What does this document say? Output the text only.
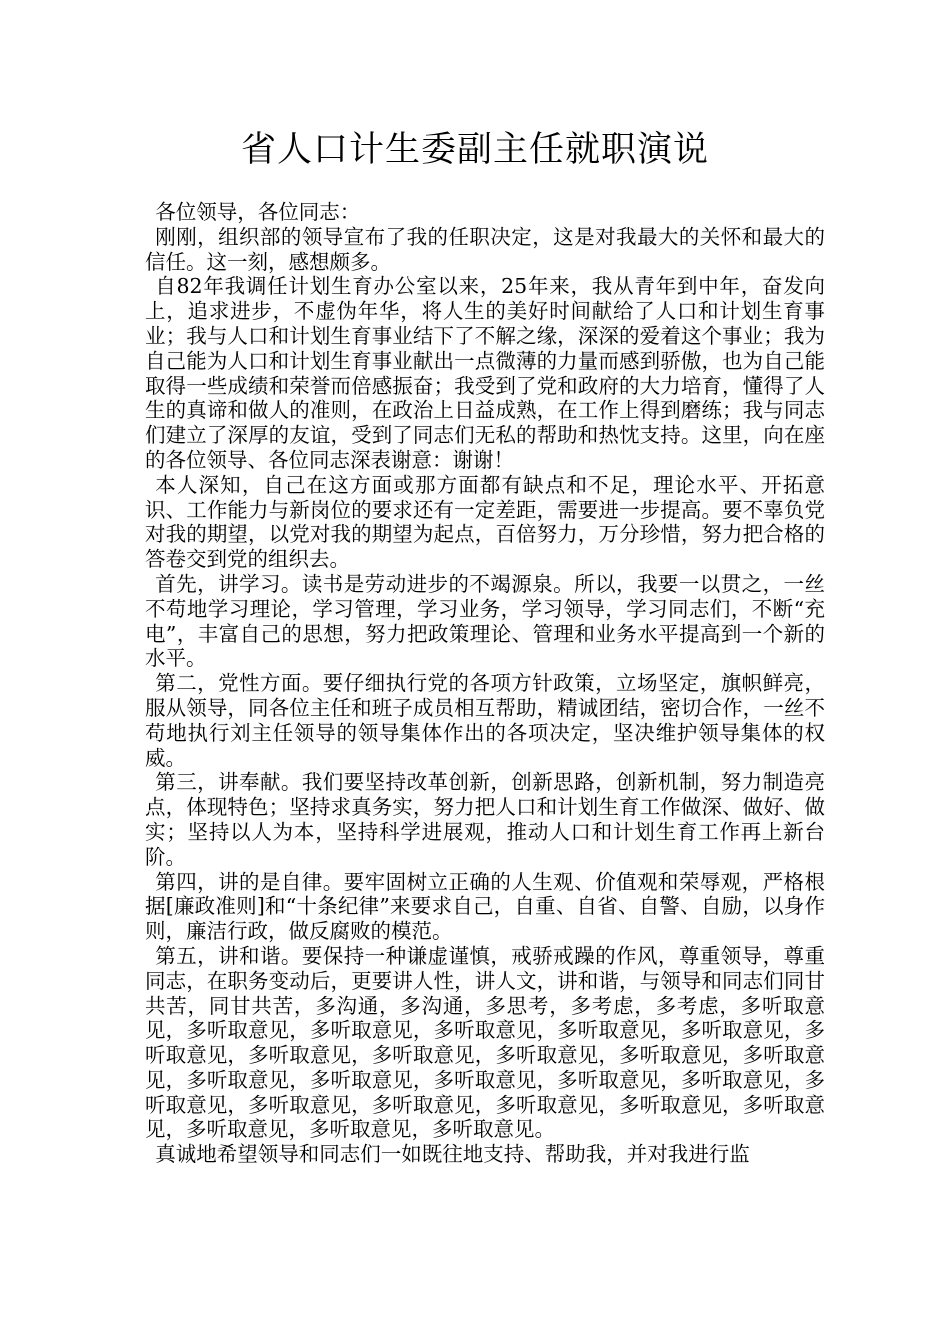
省人口计生委副主任就职演说

各位领导，各位同志：

刚刚，组织部的领导宣布了我的任职决定，这是对我最大的关怀和最大的信任。这一刻，感想颇多。

自82年我调任计划生育办公室以来，25年来，我从青年到中年，奋发向上，追求进步，不虚伪年华，将人生的美好时间献给了人口和计划生育事业；我与人口和计划生育事业结下了不解之缘，深深的爱着这个事业；我为自己能为人口和计划生育事业献出一点微薄的力量而感到骄傲，也为自己能取得一些成绩和荣誉而倍感振奋；我受到了党和政府的大力培育，懂得了人生的真谛和做人的准则，在政治上日益成熟，在工作上得到磨练；我与同志们建立了深厚的友谊，受到了同志们无私的帮助和热忱支持。这里，向在座的各位领导、各位同志深表谢意：谢谢！

本人深知，自己在这方面或那方面都有缺点和不足，理论水平、开拓意识、工作能力与新岗位的要求还有一定差距，需要进一步提高。要不辜负党对我的期望，以党对我的期望为起点，百倍努力，万分珍惜，努力把合格的答卷交到党的组织去。

首先，讲学习。读书是劳动进步的不竭源泉。所以，我要一以贯之，一丝不苟地学习理论，学习管理，学习业务，学习领导，学习同志们，不断“充电”，丰富自己的思想，努力把政策理论、管理和业务水平提高到一个新的水平。

第二，党性方面。要仔细执行党的各项方针政策，立场坚定，旗帜鲜亮，服从领导，同各位主任和班子成员相互帮助，精诚团结，密切合作，一丝不苟地执行刘主任领导的领导集体作出的各项决定，坚决维护领导集体的权威。

第三，讲奉献。我们要坚持改革创新，创新思路，创新机制，努力制造亮点，体现特色；坚持求真务实，努力把人口和计划生育工作做深、做好、做实；坚持以人为本，坚持科学进展观，推动人口和计划生育工作再上新台阶。

第四，讲的是自律。要牢固树立正确的人生观、价值观和荣辱观，严格根据[廉政准则]和“十条纪律”来要求自己，自重、自省、自警、自励，以身作则，廉洁行政，做反腐败的模范。

第五，讲和谐。要保持一种谦虚谨慎，戒骄戒躁的作风，尊重领导，尊重同志，在职务变动后，更要讲人性，讲人文，讲和谐，与领导和同志们同甘共苦，同甘共苦，多沟通，多沟通，多思考，多考虑，多考虑，多听取意见，多听取意见，多听取意见，多听取意见，多听取意见，多听取意见，多听取意见，多听取意见，多听取意见，多听取意见，多听取意见，多听取意见，多听取意见，多听取意见，多听取意见，多听取意见，多听取意见，多听取意见，多听取意见，多听取意见，多听取意见，多听取意见，多听取意见，多听取意见，多听取意见，多听取意见。

真诚地希望领导和同志们一如既往地支持、帮助我，并对我进行监
